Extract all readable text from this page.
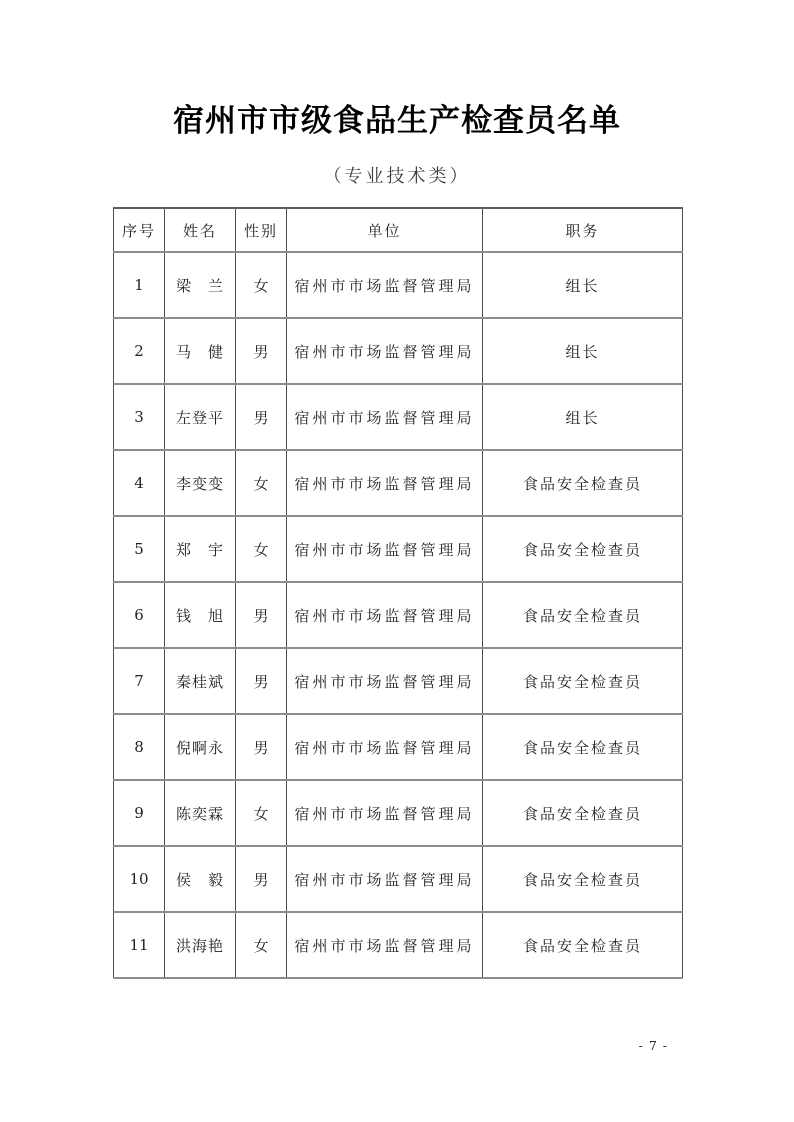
宿州市市级食品生产检查员名单
（专业技术类）
序号	姓名	性别	单位	职务
1	梁　兰	女	宿州市市场监督管理局	组长
2	马　健	男	宿州市市场监督管理局	组长
3	左登平	男	宿州市市场监督管理局	组长
4	李变变	女	宿州市市场监督管理局	食品安全检查员
5	郑　宇	女	宿州市市场监督管理局	食品安全检查员
6	钱　旭	男	宿州市市场监督管理局	食品安全检查员
7	秦桂斌	男	宿州市市场监督管理局	食品安全检查员
8	倪啊永	男	宿州市市场监督管理局	食品安全检查员
9	陈奕霖	女	宿州市市场监督管理局	食品安全检查员
10	侯　毅	男	宿州市市场监督管理局	食品安全检查员
11	洪海艳	女	宿州市市场监督管理局	食品安全检查员
- 7 -
